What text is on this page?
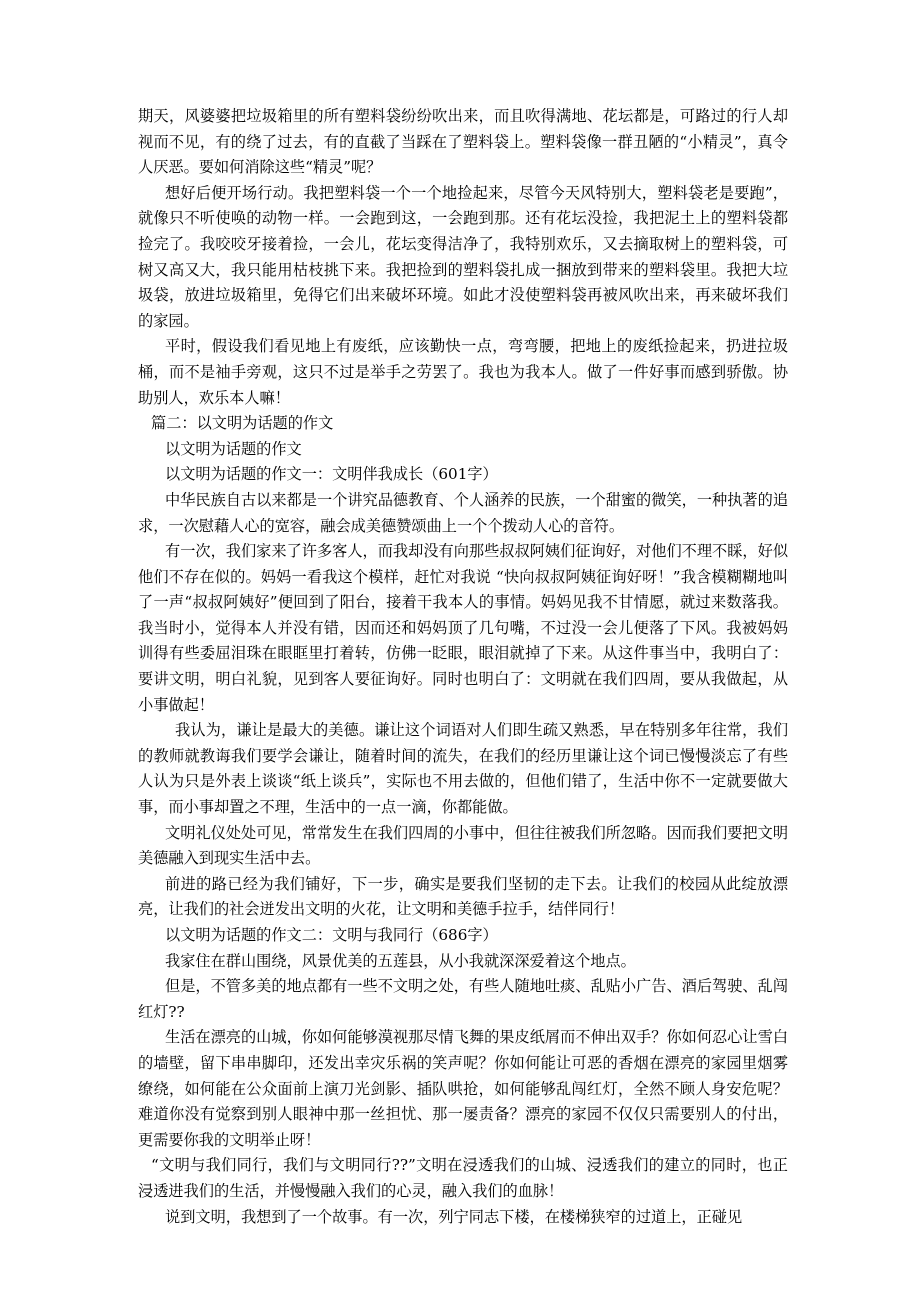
期天，风婆婆把垃圾箱里的所有塑料袋纷纷吹出来，而且吹得满地、花坛都是，可路过的行人却视而不见，有的绕了过去，有的直截了当踩在了塑料袋上。塑料袋像一群丑陋的“小精灵”，真令人厌恶。要如何消除这些“精灵”呢？

想好后便开场行动。我把塑料袋一个一个地捡起来，尽管今天风特别大，塑料袋老是要跑”，就像只不听使唤的动物一样。一会跑到这，一会跑到那。还有花坛没捡，我把泥土上的塑料袋都捡完了。我咬咬牙接着捡，一会儿，花坛变得洁净了，我特别欢乐，又去摘取树上的塑料袋，可树又高又大，我只能用枯枝挑下来。我把捡到的塑料袋扎成一捆放到带来的塑料袋里。我把大垃圾袋，放进垃圾箱里，免得它们出来破坏环境。如此才没使塑料袋再被风吹出来，再来破坏我们的家园。

平时，假设我们看见地上有废纸，应该勤快一点，弯弯腰，把地上的废纸捡起来，扔进拉圾桶，而不是袖手旁观，这只不过是举手之劳罢了。我也为我本人。做了一件好事而感到骄傲。协助别人，欢乐本人嘛！

篇二：以文明为话题的作文

以文明为话题的作文

以文明为话题的作文一：文明伴我成长（601字）

中华民族自古以来都是一个讲究品德教育、个人涵养的民族，一个甜蜜的微笑，一种执著的追求，一次慰藉人心的宽容，融会成美德赞颂曲上一个个拨动人心的音符。

有一次，我们家来了许多客人，而我却没有向那些叔叔阿姨们征询好，对他们不理不睬，好似他们不存在似的。妈妈一看我这个模样，赶忙对我说 “快向叔叔阿姨征询好呀！”我含模糊糊地叫了一声“叔叔阿姨好”便回到了阳台，接着干我本人的事情。妈妈见我不甘情愿，就过来数落我。我当时小，觉得本人并没有错，因而还和妈妈顶了几句嘴，不过没一会儿便落了下风。我被妈妈训得有些委屈泪珠在眼眶里打着转，仿佛一眨眼，眼泪就掉了下来。从这件事当中，我明白了：要讲文明，明白礼貌，见到客人要征询好。同时也明白了：文明就在我们四周，要从我做起，从小事做起！

我认为，谦让是最大的美德。谦让这个词语对人们即生疏又熟悉，早在特别多年往常，我们的教师就教诲我们要学会谦让，随着时间的流失，在我们的经历里谦让这个词已慢慢淡忘了有些人认为只是外表上谈谈“纸上谈兵”，实际也不用去做的，但他们错了，生活中你不一定就要做大事，而小事却置之不理，生活中的一点一滴，你都能做。

文明礼仪处处可见，常常发生在我们四周的小事中，但往往被我们所忽略。因而我们要把文明美德融入到现实生活中去。

前进的路已经为我们铺好，下一步，确实是要我们坚韧的走下去。让我们的校园从此绽放漂亮，让我们的社会迸发出文明的火花，让文明和美德手拉手，结伴同行！

以文明为话题的作文二：文明与我同行（686字）

我家住在群山围绕，风景优美的五莲县，从小我就深深爱着这个地点。

但是，不管多美的地点都有一些不文明之处，有些人随地吐痰、乱贴小广告、酒后驾驶、乱闯红灯??

生活在漂亮的山城，你如何能够漠视那尽情飞舞的果皮纸屑而不伸出双手？你如何忍心让雪白的墙壁，留下串串脚印，还发出幸灾乐祸的笑声呢？你如何能让可恶的香烟在漂亮的家园里烟雾缭绕，如何能在公众面前上演刀光剑影、插队哄抢，如何能够乱闯红灯，全然不顾人身安危呢？难道你没有觉察到别人眼神中那一丝担忧、那一屡责备？漂亮的家园不仅仅只需要别人的付出，更需要你我的文明举止呀！

“文明与我们同行，我们与文明同行??”文明在浸透我们的山城、浸透我们的建立的同时，也正浸透进我们的生活，并慢慢融入我们的心灵，融入我们的血脉！

说到文明，我想到了一个故事。有一次，列宁同志下楼，在楼梯狭窄的过道上，正碰见
